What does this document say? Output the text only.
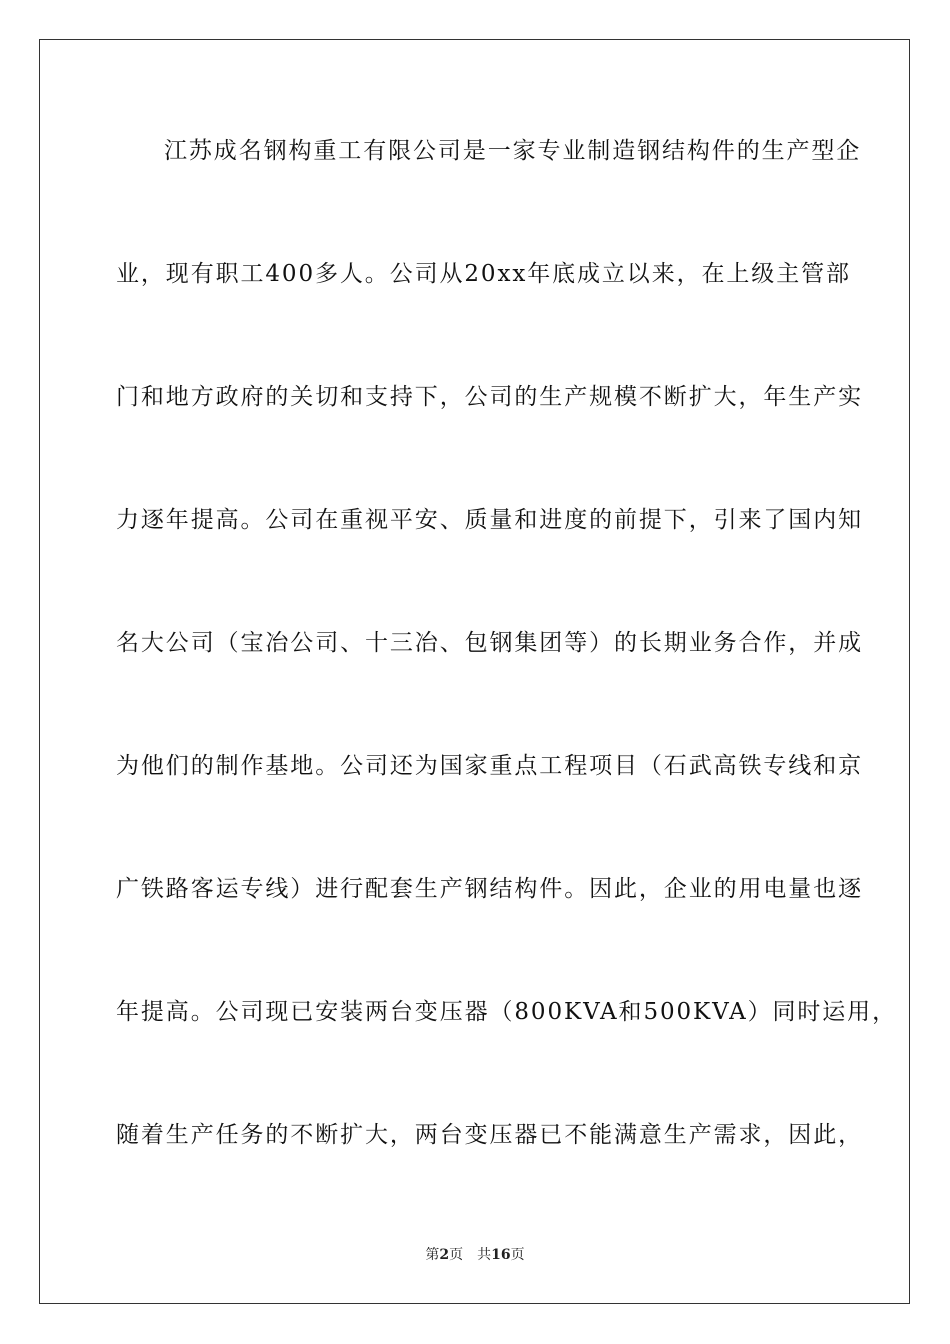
江苏成名钢构重工有限公司是一家专业制造钢结构件的生产型企
业，现有职工400多人。公司从20xx年底成立以来，在上级主管部
门和地方政府的关切和支持下，公司的生产规模不断扩大，年生产实
力逐年提高。公司在重视平安、质量和进度的前提下，引来了国内知
名大公司（宝冶公司、十三冶、包钢集团等）的长期业务合作，并成
为他们的制作基地。公司还为国家重点工程项目（石武高铁专线和京
广铁路客运专线）进行配套生产钢结构件。因此，企业的用电量也逐
年提高。公司现已安装两台变压器（800KVA和500KVA）同时运用，
随着生产任务的不断扩大，两台变压器已不能满意生产需求，因此，
第2页 共16页
